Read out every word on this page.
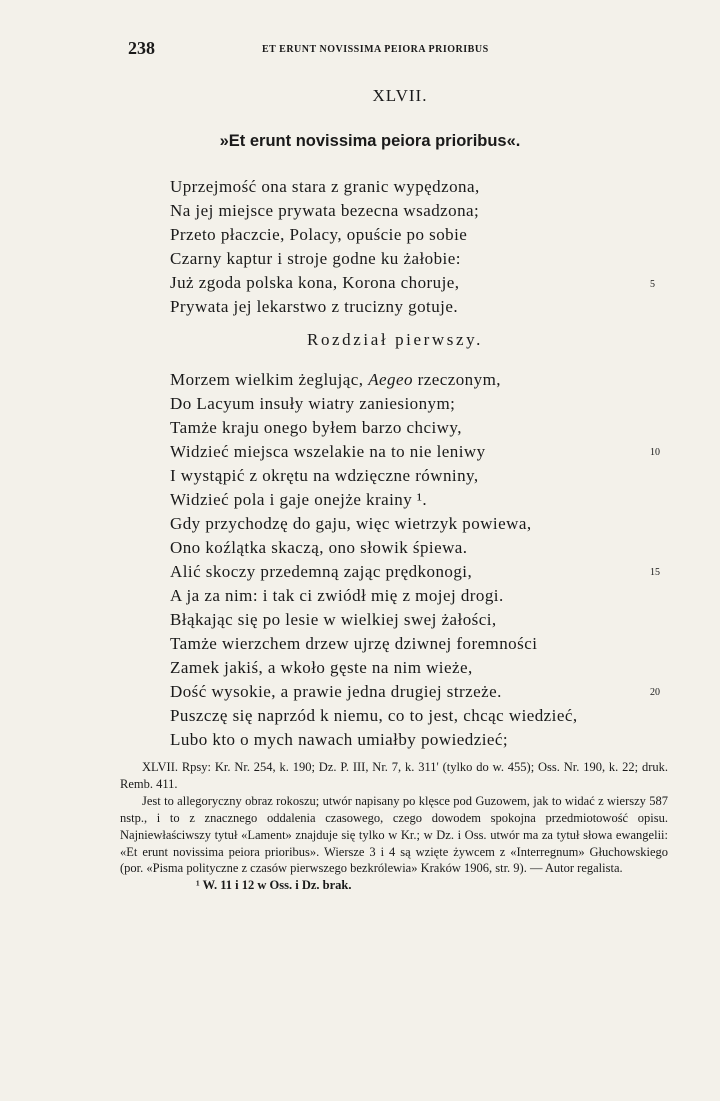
238	ET ERUNT NOVISSIMA PEIORA PRIORIBUS
XLVII.
»Et erunt novissima peiora prioribus«.
Uprzejmość ona stara z granic wypędzona,
Na jej miejsce prywata bezecna wsadzona;
Przeto płaczcie, Polacy, opuście po sobie
Czarny kaptur i stroje godne ku żałobie:
Już zgoda polska kona, Korona choruje,
Prywata jej lekarstwo z trucizny gotuje.
5
Rozdział pierwszy.
Morzem wielkim żeglując, Aegeo rzeczonym,
Do Lacyum insuły wiatry zaniesionym;
Tamże kraju onego byłem barzo chciwy,
Widzieć miejsca wszelakie na to nie leniwy
I wystąpić z okrętu na wdzięczne równiny,
Widzieć pola i gaje onejże krainy ¹.
Gdy przychodzę do gaju, więc wietrzyk powiewa,
Ono koźlątka skaczą, ono słowik śpiewa.
Alić skoczy przedemną zając prędkonogi,
A ja za nim: i tak ci zwiódł mię z mojej drogi.
Błąkając się po lesie w wielkiej swej żałości,
Tamże wierzchem drzew ujrzę dziwnej foremności
Zamek jakiś, a wkoło gęste na nim wieże,
Dość wysokie, a prawie jedna drugiej strzeże.
Puszczę się naprzód k niemu, co to jest, chcąc wiedzieć,
Lubo kto o mych nawach umiałby powiedzieć;
10
15
20

XLVII. Rpsy: Kr. Nr. 254, k. 190; Dz. P. III, Nr. 7, k. 311' (tylko do w. 455); Oss. Nr. 190, k. 22; druk. Remb. 411.

Jest to allegoryczny obraz rokoszu; utwór napisany po klęsce pod Guzowem, jak to widać z wierszy 587 nstp., i to z znacznego oddalenia czasowego, czego dowodem spokojna przedmiotowość opisu. Najniewłaściwszy tytuł «Lament» znajduje się tylko w Kr.; w Dz. i Oss. utwór ma za tytuł słowa ewangelii: «Et erunt novissima peiora prioribus». Wiersze 3 i 4 są wzięte żywcem z «Interregnum» Głuchowskiego (por. «Pisma polityczne z czasów pierwszego bezkrólewia» Kraków 1906, str. 9). — Autor regalista.

¹ W. 11 i 12 w Oss. i Dz. brak.
